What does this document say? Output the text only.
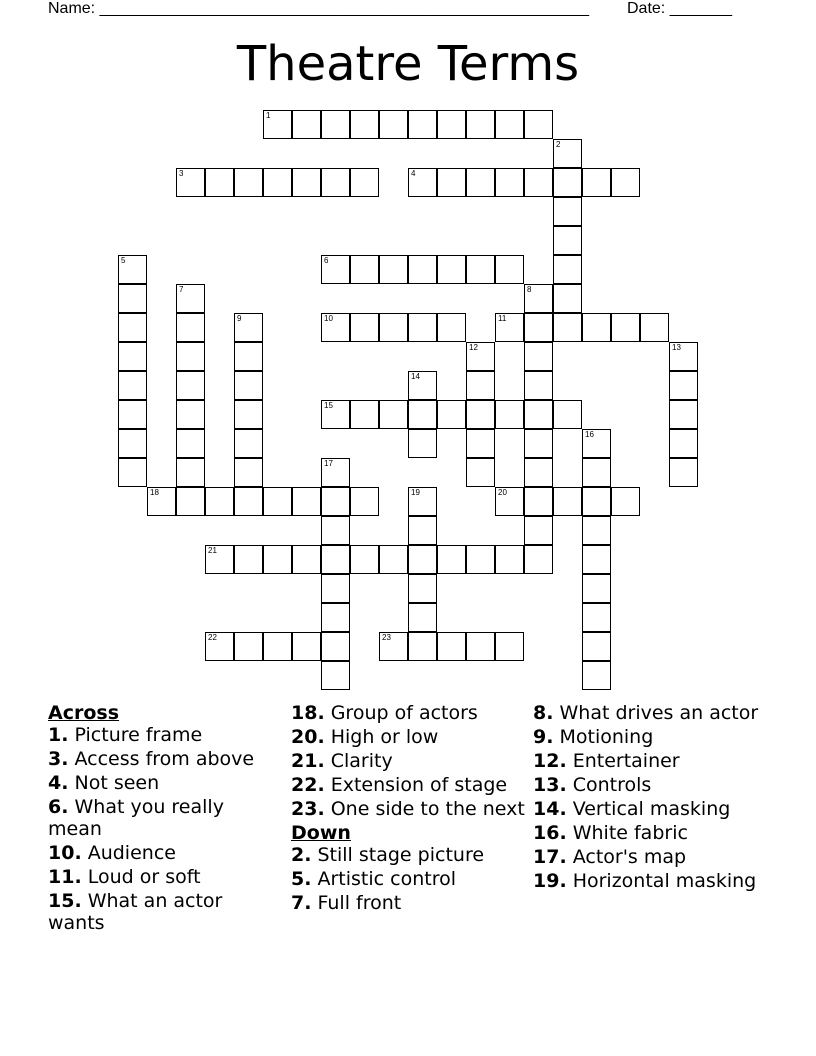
Name: _______________________________________________________ Date: _______
Theatre Terms
1
2
3	4
5	6
7	8
9	10	11
12	13
14
15
16
17
18	19	20
21
22	23
Across
1. Picture frame
3. Access from above
4. Not seen
6. What you really mean
10. Audience
11. Loud or soft
15. What an actor wants
18. Group of actors
20. High or low
21. Clarity
22. Extension of stage
23. One side to the next
Down
2. Still stage picture
5. Artistic control
7. Full front
8. What drives an actor
9. Motioning
12. Entertainer
13. Controls
14. Vertical masking
16. White fabric
17. Actor's map
19. Horizontal masking
